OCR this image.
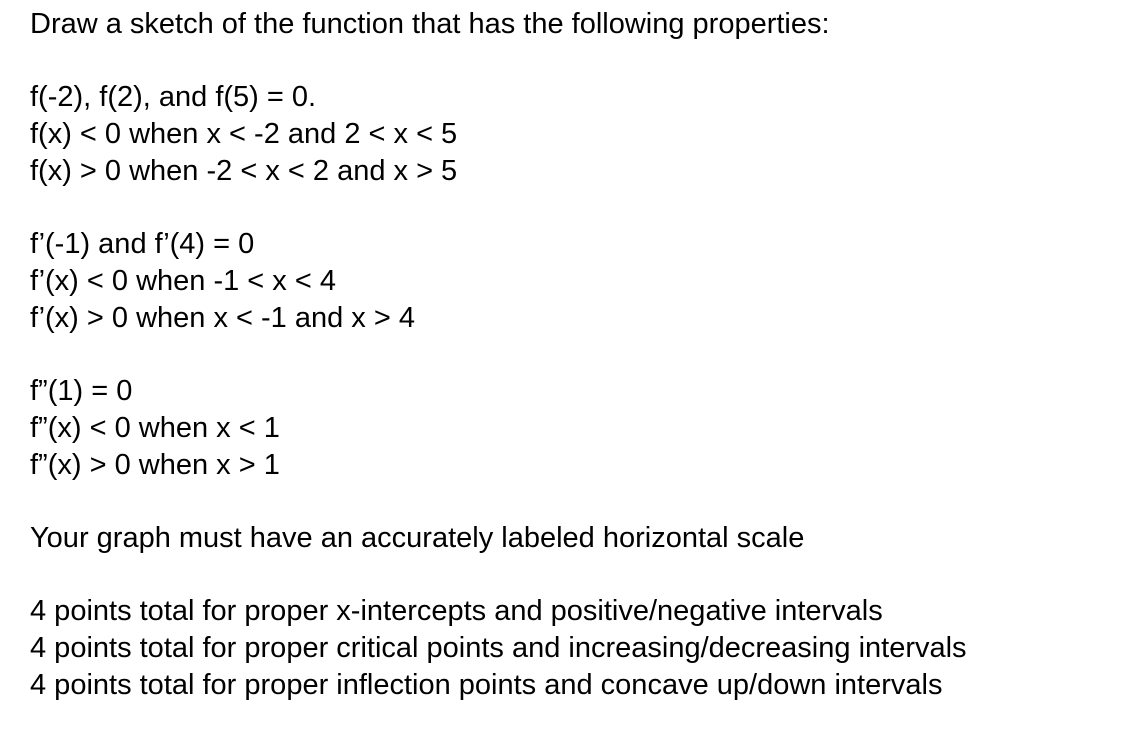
Draw a sketch of the function that has the following properties:
f(-2), f(2), and f(5) = 0.
f(x) < 0 when x < -2 and 2 < x < 5
f(x) > 0 when -2 < x < 2 and x > 5
f’(-1) and f’(4) = 0
f’(x) < 0 when -1 < x < 4
f’(x) > 0 when x < -1 and x > 4
f”(1) = 0
f”(x) < 0 when x < 1
f”(x) > 0 when x > 1
Your graph must have an accurately labeled horizontal scale
4 points total for proper x-intercepts and positive/negative intervals
4 points total for proper critical points and increasing/decreasing intervals
4 points total for proper inflection points and concave up/down intervals
